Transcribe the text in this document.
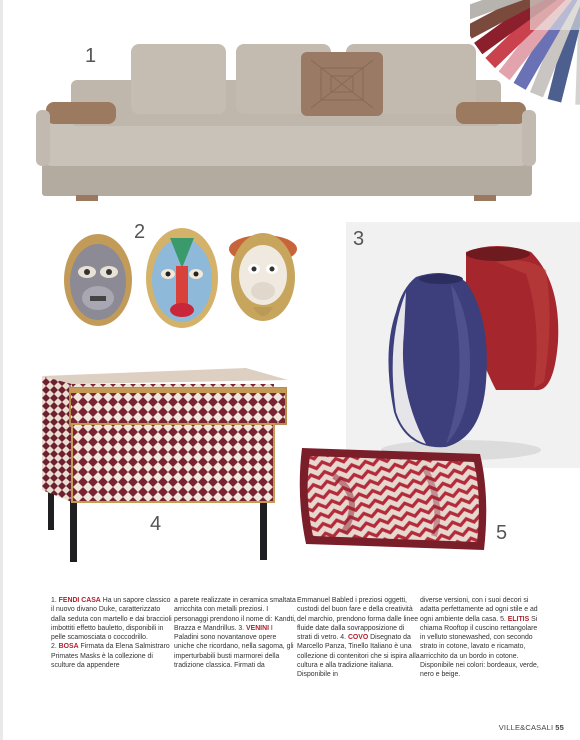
1
2	3
4	5
1. FENDI CASA Ha un sapore classico il nuovo divano Duke, caratterizzato dalla seduta con martello e dai braccioli imbottiti effetto bauletto, disponibili in pelle scamosciata o coccodrillo.
2. BOSA Firmata da Elena Salmistraro Primates Masks è la collezione di sculture da appendere
a parete realizzate in ceramica smaltata arricchita con metalli preziosi. I personaggi prendono il nome di: Kandti, Brazza e Mandrillus. 3. VENINI I Paladini sono novantanove opere uniche che ricordano, nella sagoma, gli imperturbabili busti marmorei della tradizione classica. Firmati da
Emmanuel Babled i preziosi oggetti, custodi del buon fare e della creatività del marchio, prendono forma dalle linee fluide date dalla sovrapposizione di strati di vetro. 4. COVO Disegnato da Marcello Panza, Tinello Italiano è una collezione di contenitori che si ispira alla cultura e alla tradizione italiana. Disponibile in
diverse versioni, con i suoi decori si adatta perfettamente ad ogni stile e ad ogni ambiente della casa. 5. ELITIS Si chiama Rooftop il cuscino rettangolare in velluto stonewashed, con secondo strato in cotone, lavato e ricamato, arricchito da un bordo in cotone. Disponibile nei colori: bordeaux, verde, nero e beige.
VILLE&CASALI 55
